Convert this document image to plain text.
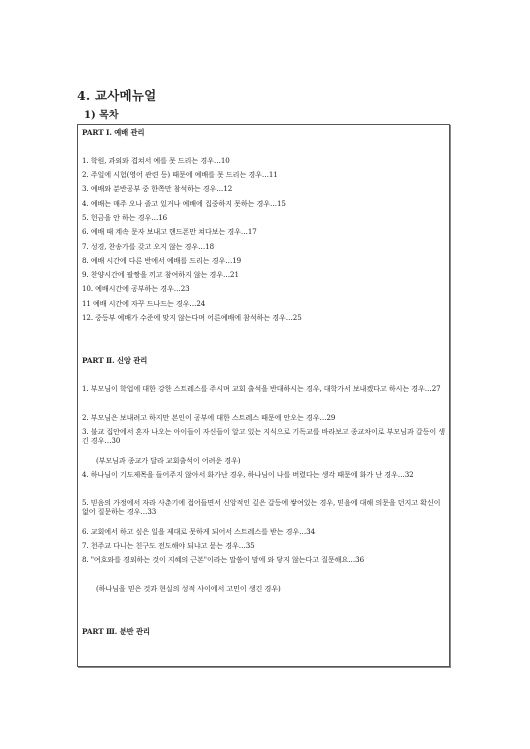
4. 교사메뉴얼
1) 목차
PART Ⅰ. 예배 관리
1. 학원, 과외와 겹쳐서 예를 못 드리는 경우…10
2. 주일에 시험(영어 관련 등) 때문에 예배를 못 드리는 경우…11
3. 예배와 분반공부 중 한쪽만 참석하는 경우…12
4. 예배는 매주 오나 졸고 있거나 예배에 집중하지 못하는 경우…15
5. 헌금을 안 하는 경우…16
6. 예배 때 계속 문자 보내고 핸드폰만 쳐다보는 경우…17
7. 성경, 찬송가를 갖고 오지 않는 경우…18
8. 예배 시간에 다른 반에서 예배를 드리는 경우…19
9. 찬양시간에 팔짱을 끼고 참여하지 않는 경우…21
10. 예배시간에 공부하는 경우…23
11 예배 시간에 자꾸 드나드는 경우…24
12. 중등부 예배가 수준에 맞지 않는다며 어른예배에 참석하는 경우…25
PART Ⅱ. 신앙 관리
1. 부모님이 학업에 대한 강한 스트레스를 주시며 교회 출석을 반대하시는 경우, 대학가서 보내겠다고 하시는 경우…27
2. 부모님은 보내려고 하지만 본인이 공부에 대한 스트레스 때문에 안오는 경우…29
3. 불교 집안에서 혼자 나오는 아이들이 자신들이 알고 있는 지식으로 기독교를 바라보고 종교차이로 부모님과 갈등이 생긴 경우…30
(부모님과 종교가 달라 교회출석이 어려운 경우)
4. 하나님이 기도제목을 들어주지 않아서 화가난 경우, 하나님이 나를 버렸다는 생각 때문에 화가 난 경우…32
5. 믿음의 가정에서 자라 사춘기에 접어들면서 신앙적인 깊은 갈등에 쌓여있는 경우, 믿음에 대해 의문을 던지고 확신이 없어 질문하는 경우…33
6. 교회에서 하고 싶은 일을 제대로 못하게 되어서 스트레스를 받는 경우…34
7. 천주교 다니는 친구도 전도해야 되냐고 묻는 경우…35
8. "여호와를 경외하는 것이 지혜의 근본"이라는 말씀이 맘에 와 닿지 않는다고 질문해요…36
(하나님을 믿은 것과 현실의 성적 사이에서 고민이 생긴 경우)
PART Ⅲ. 분반 관리
